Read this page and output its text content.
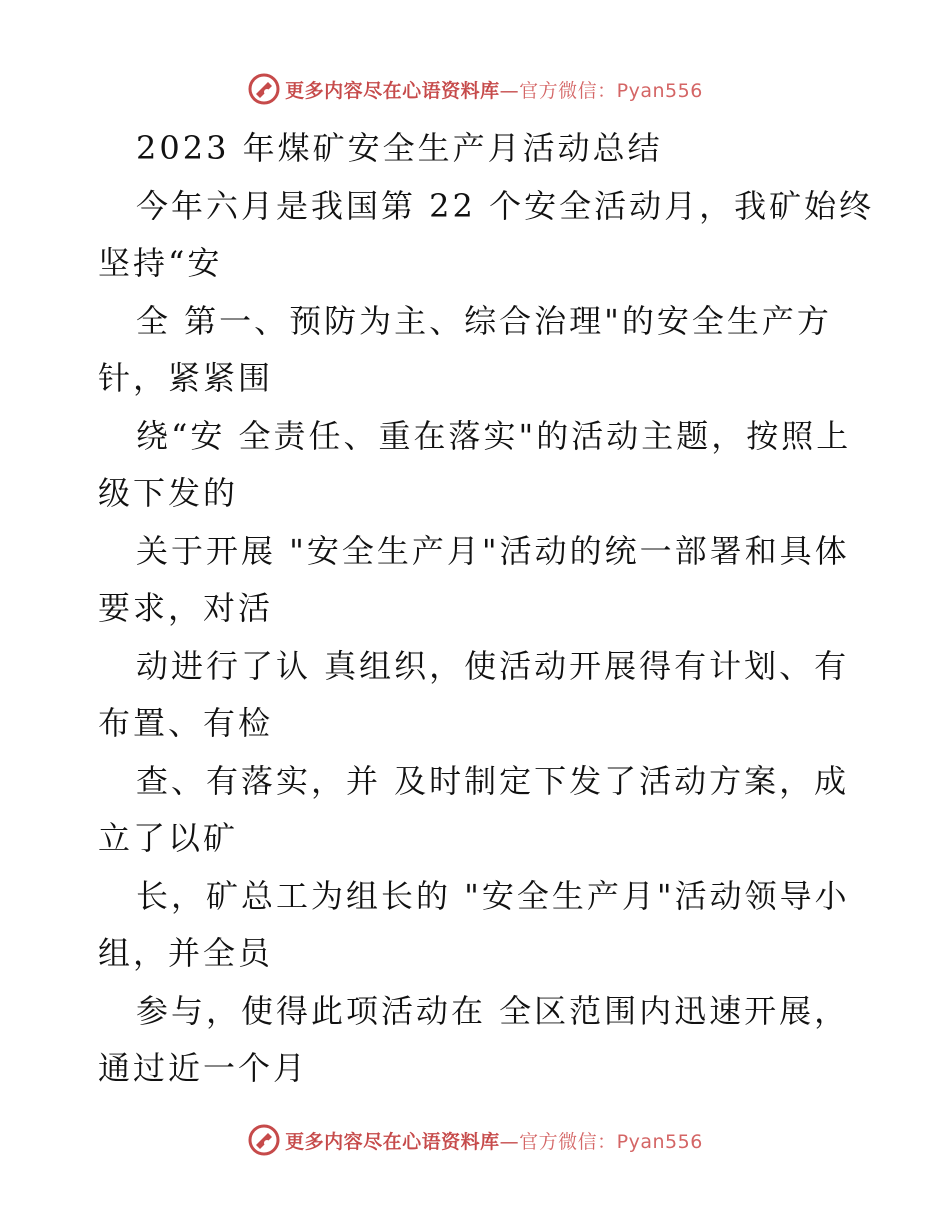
更多内容尽在心语资料库—官方微信：Pyan556
2023 年煤矿安全生产月活动总结
今年六月是我国第 22 个安全活动月，我矿始终
坚持“安
全 第一、预防为主、综合治理"的安全生产方
针，紧紧围
绕“安 全责任、重在落实"的活动主题，按照上
级下发的
关于开展 "安全生产月"活动的统一部署和具体
要求，对活
动进行了认 真组织，使活动开展得有计划、有
布置、有检
查、有落实，并 及时制定下发了活动方案，成
立了以矿
长，矿总工为组长的 "安全生产月"活动领导小
组，并全员
参与，使得此项活动在 全区范围内迅速开展，
通过近一个月
更多内容尽在心语资料库—官方微信：Pyan556
